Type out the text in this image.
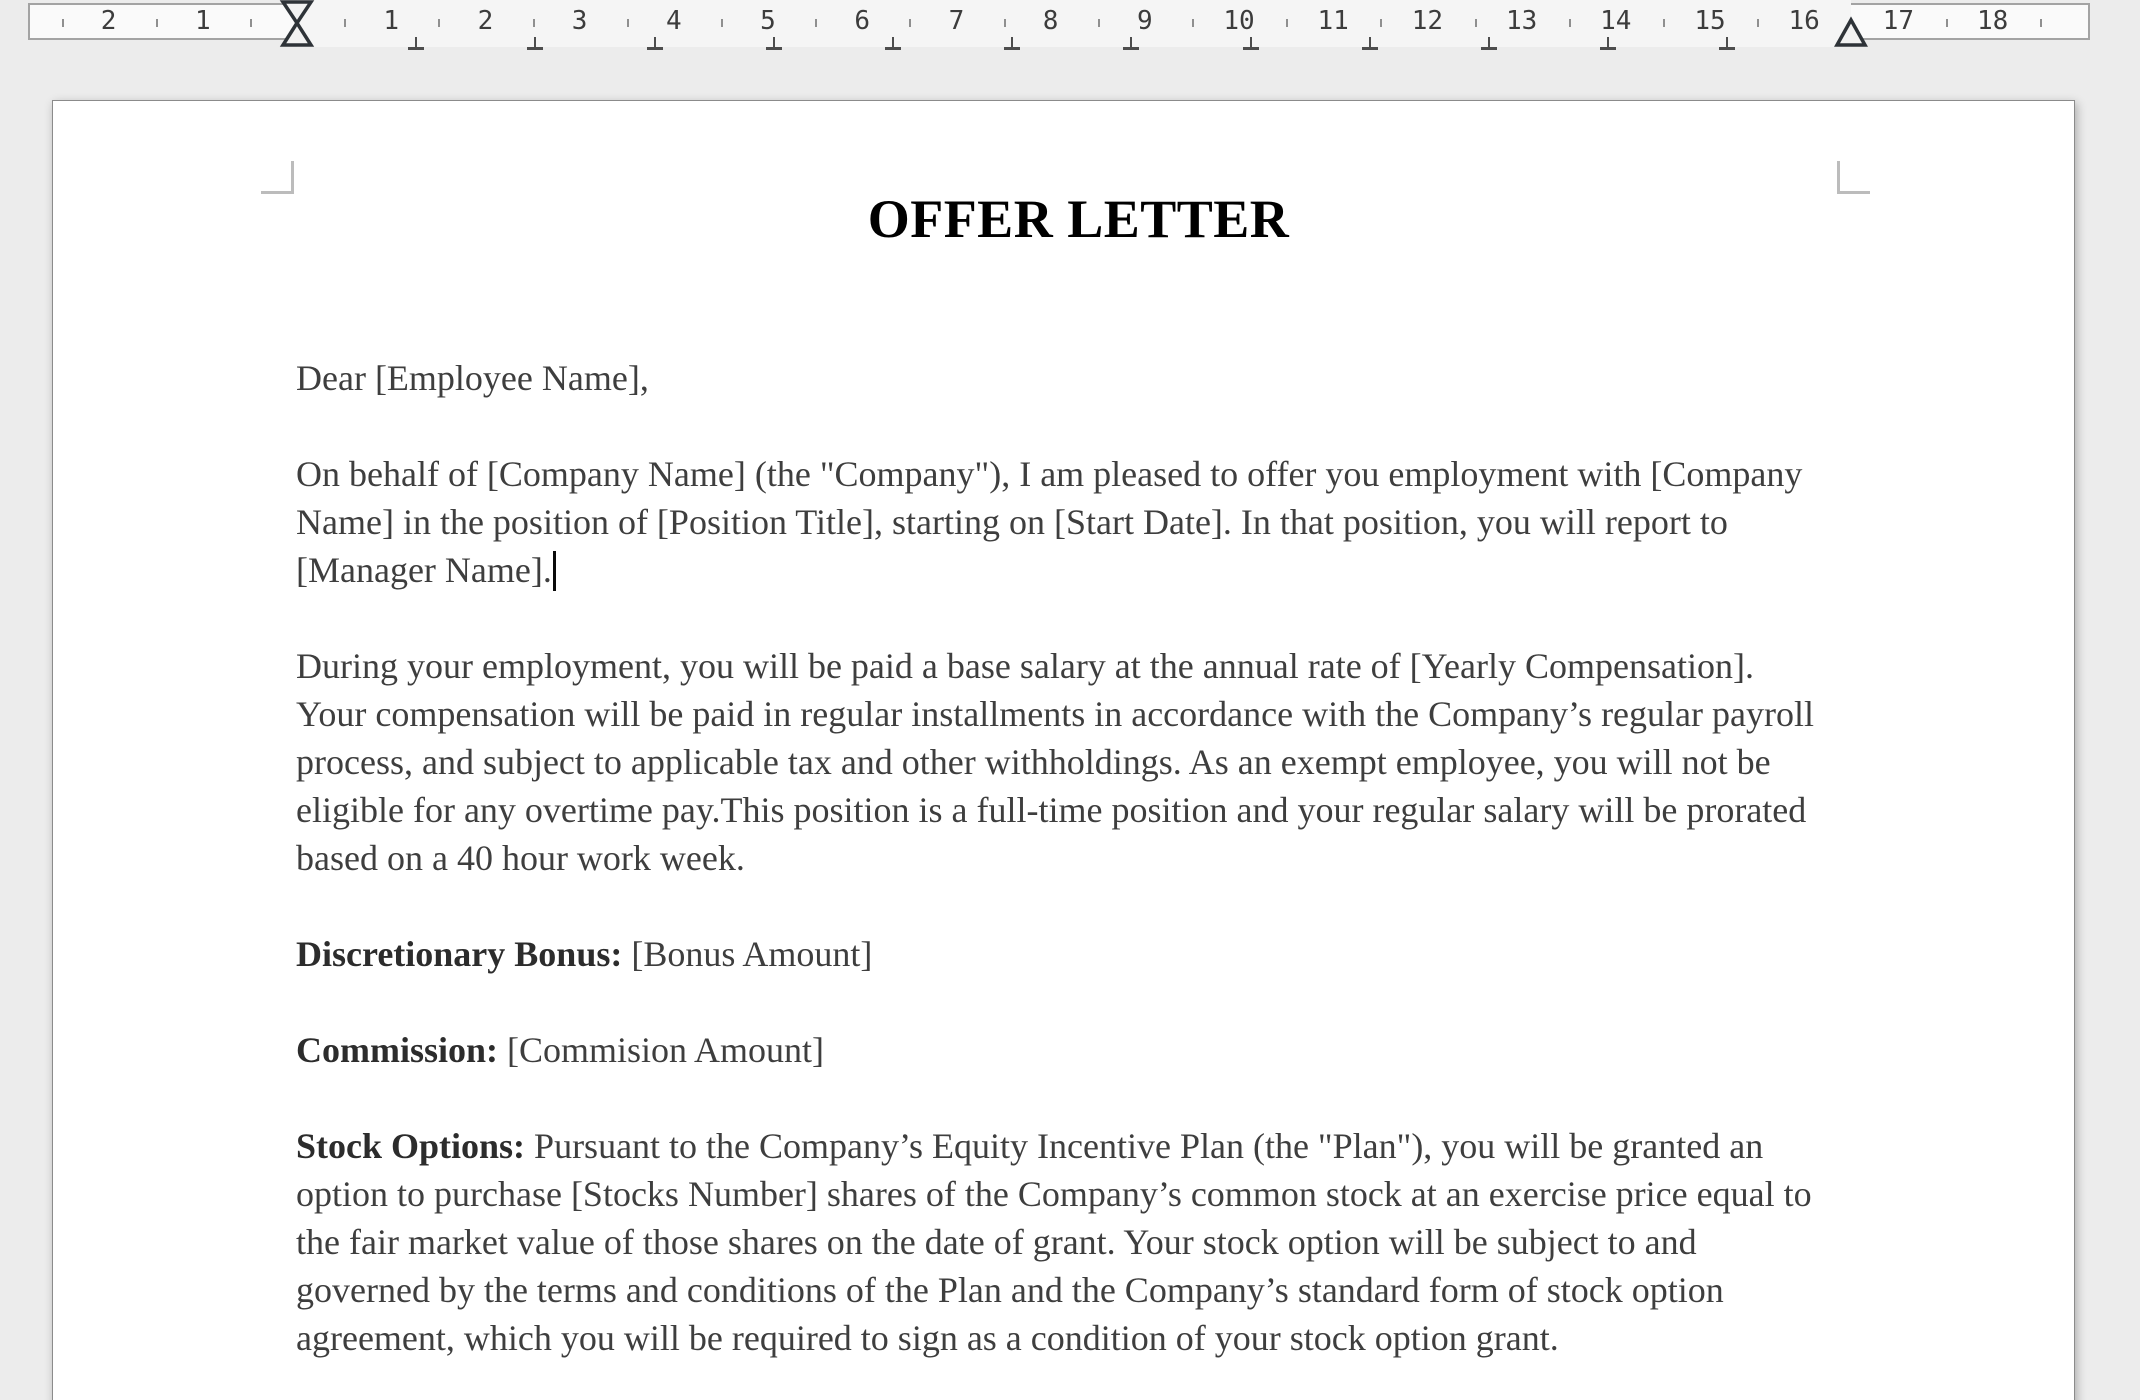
2	1	1	2	3	4	5	6	7	8	9	10 11 12 13 14 15 16 17 18
OFFER LETTER
Dear [Employee Name],
On behalf of [Company Name] (the "Company"), I am pleased to offer you employment with [Company
Name] in the position of [Position Title], starting on [Start Date]. In that position, you will report to
[Manager Name].
During your employment, you will be paid a base salary at the annual rate of [Yearly Compensation].
Your compensation will be paid in regular installments in accordance with the Company’s regular payroll
process, and subject to applicable tax and other withholdings. As an exempt employee, you will not be
eligible for any overtime pay.This position is a full-time position and your regular salary will be prorated
based on a 40 hour work week.
Discretionary Bonus: [Bonus Amount]
Commission: [Commision Amount]
Stock Options: Pursuant to the Company’s Equity Incentive Plan (the "Plan"), you will be granted an
option to purchase [Stocks Number] shares of the Company’s common stock at an exercise price equal to
the fair market value of those shares on the date of grant. Your stock option will be subject to and
governed by the terms and conditions of the Plan and the Company’s standard form of stock option
agreement, which you will be required to sign as a condition of your stock option grant.
